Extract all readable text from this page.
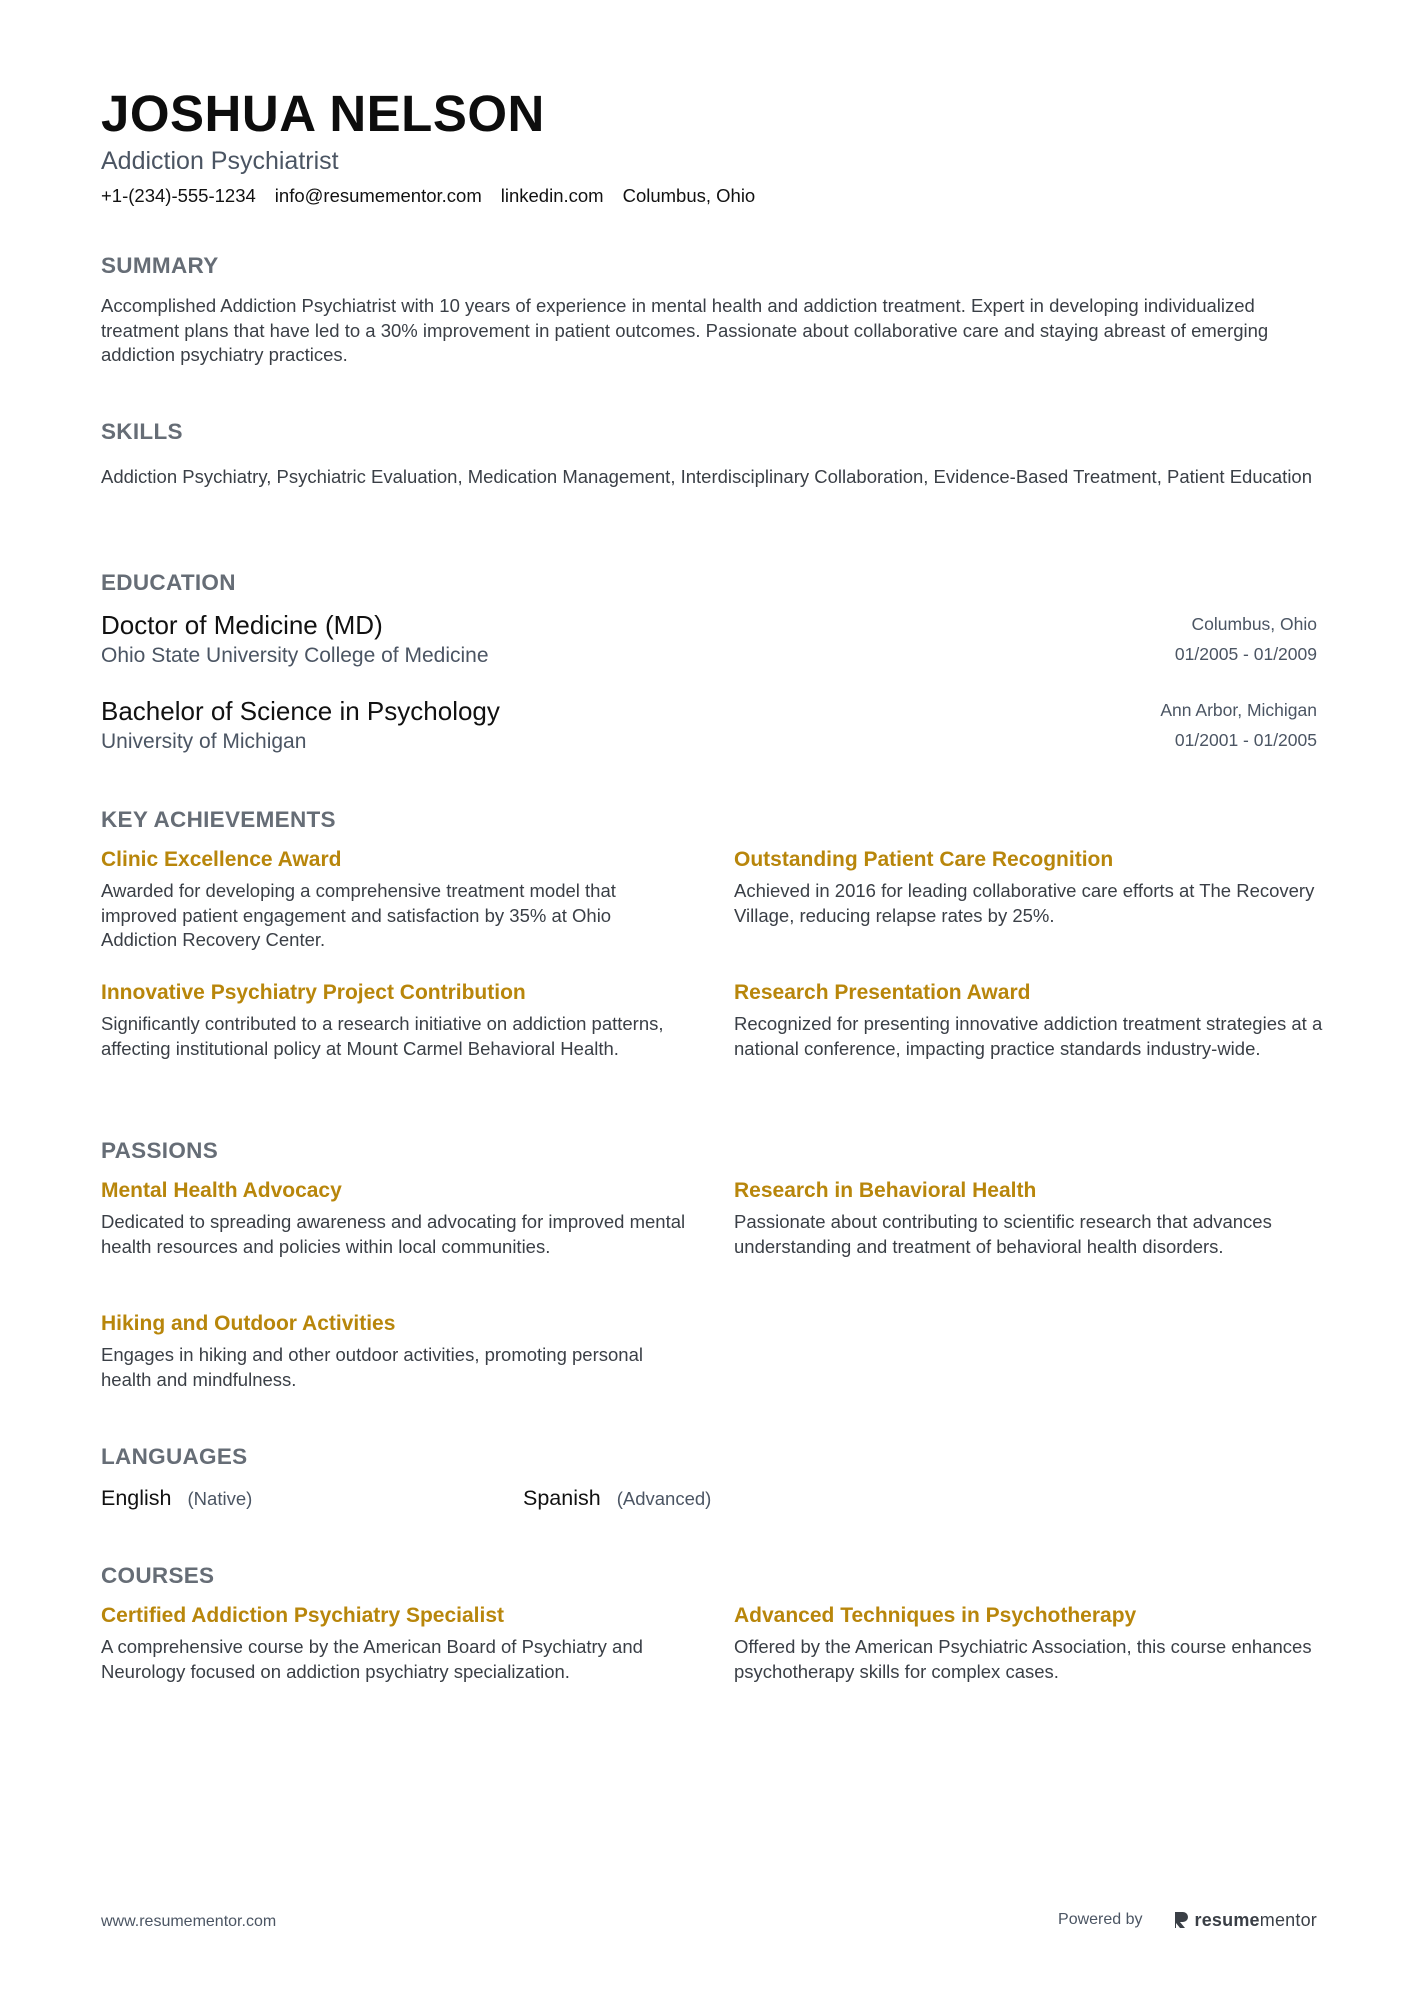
JOSHUA NELSON
Addiction Psychiatrist
+1-(234)-555-1234 info@resumementor.com linkedin.com Columbus, Ohio
SUMMARY
Accomplished Addiction Psychiatrist with 10 years of experience in mental health and addiction treatment. Expert in developing individualized treatment plans that have led to a 30% improvement in patient outcomes. Passionate about collaborative care and staying abreast of emerging addiction psychiatry practices.
SKILLS
Addiction Psychiatry, Psychiatric Evaluation, Medication Management, Interdisciplinary Collaboration, Evidence-Based Treatment, Patient Education
EDUCATION
Doctor of Medicine (MD)
Ohio State University College of Medicine
Columbus, Ohio
01/2005 - 01/2009
Bachelor of Science in Psychology
University of Michigan
Ann Arbor, Michigan
01/2001 - 01/2005
KEY ACHIEVEMENTS
Clinic Excellence Award
Awarded for developing a comprehensive treatment model that improved patient engagement and satisfaction by 35% at Ohio Addiction Recovery Center.
Outstanding Patient Care Recognition
Achieved in 2016 for leading collaborative care efforts at The Recovery Village, reducing relapse rates by 25%.
Innovative Psychiatry Project Contribution
Significantly contributed to a research initiative on addiction patterns, affecting institutional policy at Mount Carmel Behavioral Health.
Research Presentation Award
Recognized for presenting innovative addiction treatment strategies at a national conference, impacting practice standards industry-wide.
PASSIONS
Mental Health Advocacy
Dedicated to spreading awareness and advocating for improved mental health resources and policies within local communities.
Research in Behavioral Health
Passionate about contributing to scientific research that advances understanding and treatment of behavioral health disorders.
Hiking and Outdoor Activities
Engages in hiking and other outdoor activities, promoting personal health and mindfulness.
LANGUAGES
English (Native)	Spanish (Advanced)
COURSES
Certified Addiction Psychiatry Specialist
A comprehensive course by the American Board of Psychiatry and Neurology focused on addiction psychiatry specialization.
Advanced Techniques in Psychotherapy
Offered by the American Psychiatric Association, this course enhances psychotherapy skills for complex cases.
www.resumementor.com	Powered by	resumementor
